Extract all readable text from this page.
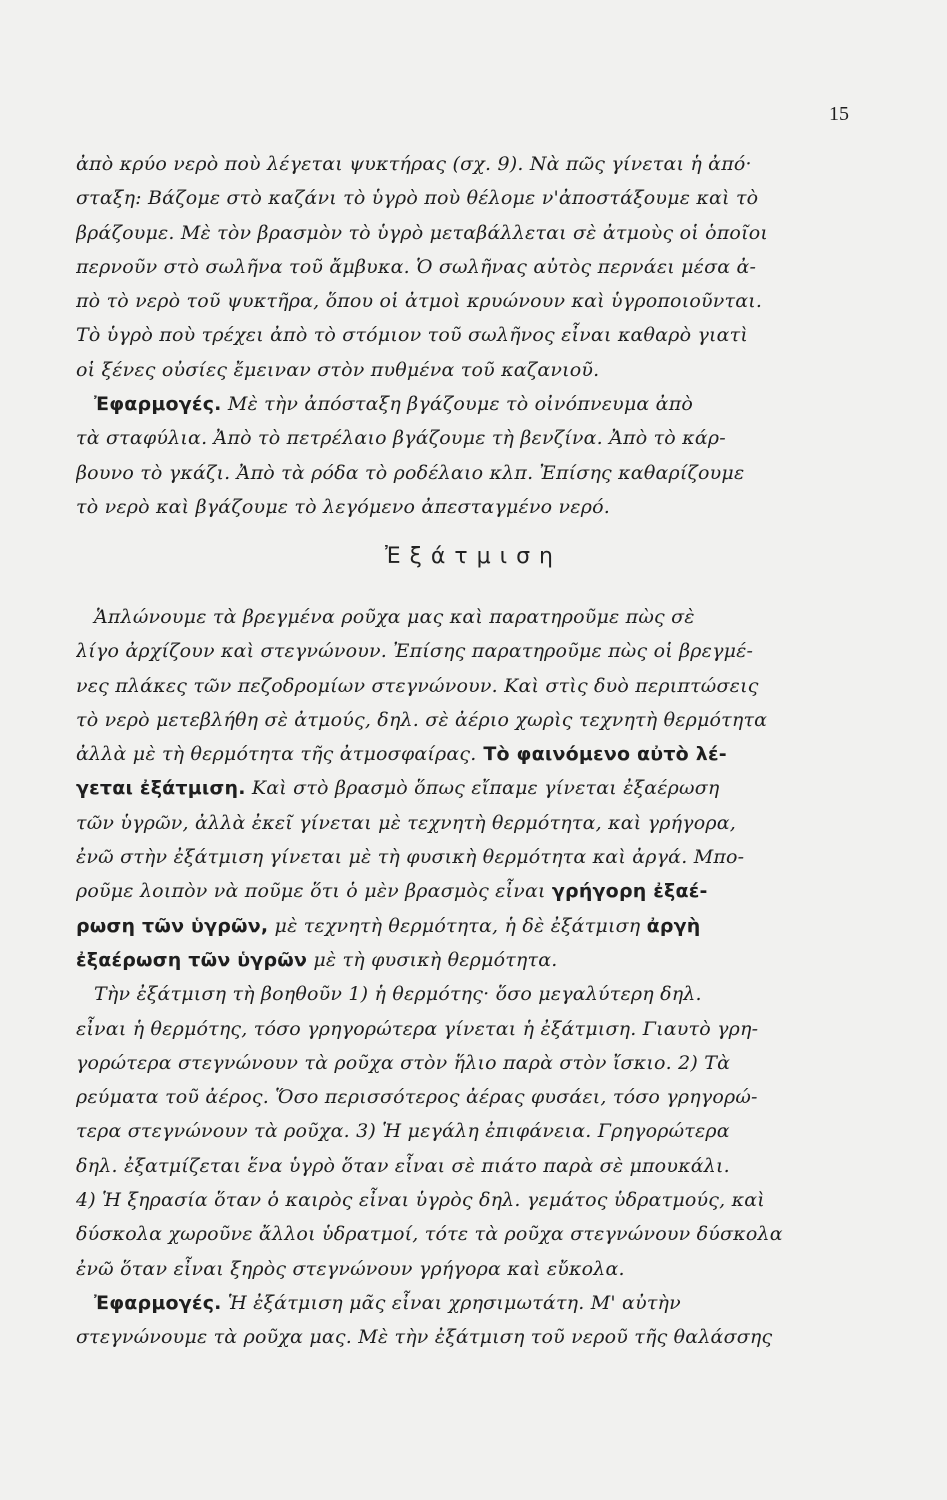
15
ἀπὸ κρύο νερὸ ποὺ λέγεται ψυκτήρας (σχ. 9). Νὰ πῶς γίνεται ἡ ἀπό·
σταξη: Βάζομε στὸ καζάνι τὸ ὑγρὸ ποὺ θέλομε ν'ἀποστάξουμε καὶ τὸ
βράζουμε. Μὲ τὸν βρασμὸν τὸ ὑγρὸ μεταβάλλεται σὲ ἀτμοὺς οἱ ὁποῖοι
περνοῦν στὸ σωλῆνα τοῦ ἄμβυκα. Ὁ σωλῆνας αὐτὸς περνάει μέσα ἀ-
πὸ τὸ νερὸ τοῦ ψυκτῆρα, ὅπου οἱ ἀτμοὶ κρυώνουν καὶ ὑγροποιοῦνται.
Τὸ ὑγρὸ ποὺ τρέχει ἀπὸ τὸ στόμιον τοῦ σωλῆνος εἶναι καθαρὸ γιατὶ
οἱ ξένες οὐσίες ἔμειναν στὸν πυθμένα τοῦ καζανιοῦ.
Ἐφαρμογές. Μὲ τὴν ἀπόσταξη βγάζουμε τὸ οἰνόπνευμα ἀπὸ
τὰ σταφύλια. Ἀπὸ τὸ πετρέλαιο βγάζουμε τὴ βενζίνα. Ἀπὸ τὸ κάρ-
βουνο τὸ γκάζι. Ἀπὸ τὰ ρόδα τὸ ροδέλαιο κλπ. Ἐπίσης καθαρίζουμε
τὸ νερὸ καὶ βγάζουμε τὸ λεγόμενο ἀπεσταγμένο νερό.
Ἐξάτμιση
Ἁπλώνουμε τὰ βρεγμένα ροῦχα μας καὶ παρατηροῦμε πὼς σὲ
λίγο ἀρχίζουν καὶ στεγνώνουν. Ἐπίσης παρατηροῦμε πὼς οἱ βρεγμέ-
νες πλάκες τῶν πεζοδρομίων στεγνώνουν. Καὶ στὶς δυὸ περιπτώσεις
τὸ νερὸ μετεβλήθη σὲ ἀτμούς, δηλ. σὲ ἀέριο χωρὶς τεχνητὴ θερμότητα
ἀλλὰ μὲ τὴ θερμότητα τῆς ἀτμοσφαίρας. Τὸ φαινόμενο αὐτὸ λέ-
γεται ἐξάτμιση. Καὶ στὸ βρασμὸ ὅπως εἴπαμε γίνεται ἐξαέρωση
τῶν ὑγρῶν, ἀλλὰ ἐκεῖ γίνεται μὲ τεχνητὴ θερμότητα, καὶ γρήγορα,
ἐνῶ στὴν ἐξάτμιση γίνεται μὲ τὴ φυσικὴ θερμότητα καὶ ἀργά. Μπο-
ροῦμε λοιπὸν νὰ ποῦμε ὅτι ὁ μὲν βρασμὸς εἶναι γρήγορη ἐξαέ-
ρωση τῶν ὑγρῶν, μὲ τεχνητὴ θερμότητα, ἡ δὲ ἐξάτμιση ἀργὴ
ἐξαέρωση τῶν ὑγρῶν μὲ τὴ φυσικὴ θερμότητα.
Τὴν ἐξάτμιση τὴ βοηθοῦν 1) ἡ θερμότης· ὅσο μεγαλύτερη δηλ.
εἶναι ἡ θερμότης, τόσο γρηγορώτερα γίνεται ἡ ἐξάτμιση. Γιαυτὸ γρη-
γορώτερα στεγνώνουν τὰ ροῦχα στὸν ἥλιο παρὰ στὸν ἴσκιο. 2) Τὰ
ρεύματα τοῦ ἀέρος. Ὅσο περισσότερος ἀέρας φυσάει, τόσο γρηγορώ-
τερα στεγνώνουν τὰ ροῦχα. 3) Ἡ μεγάλη ἐπιφάνεια. Γρηγορώτερα
δηλ. ἐξατμίζεται ἕνα ὑγρὸ ὅταν εἶναι σὲ πιάτο παρὰ σὲ μπουκάλι.
4) Ἡ ξηρασία ὅταν ὁ καιρὸς εἶναι ὑγρὸς δηλ. γεμάτος ὑδρατμούς, καὶ
δύσκολα χωροῦνε ἄλλοι ὑδρατμοί, τότε τὰ ροῦχα στεγνώνουν δύσκολα
ἐνῶ ὅταν εἶναι ξηρὸς στεγνώνουν γρήγορα καὶ εὔκολα.
Ἐφαρμογές. Ἡ ἐξάτμιση μᾶς εἶναι χρησιμωτάτη. Μ' αὐτὴν
στεγνώνουμε τὰ ροῦχα μας. Μὲ τὴν ἐξάτμιση τοῦ νεροῦ τῆς θαλάσσης
